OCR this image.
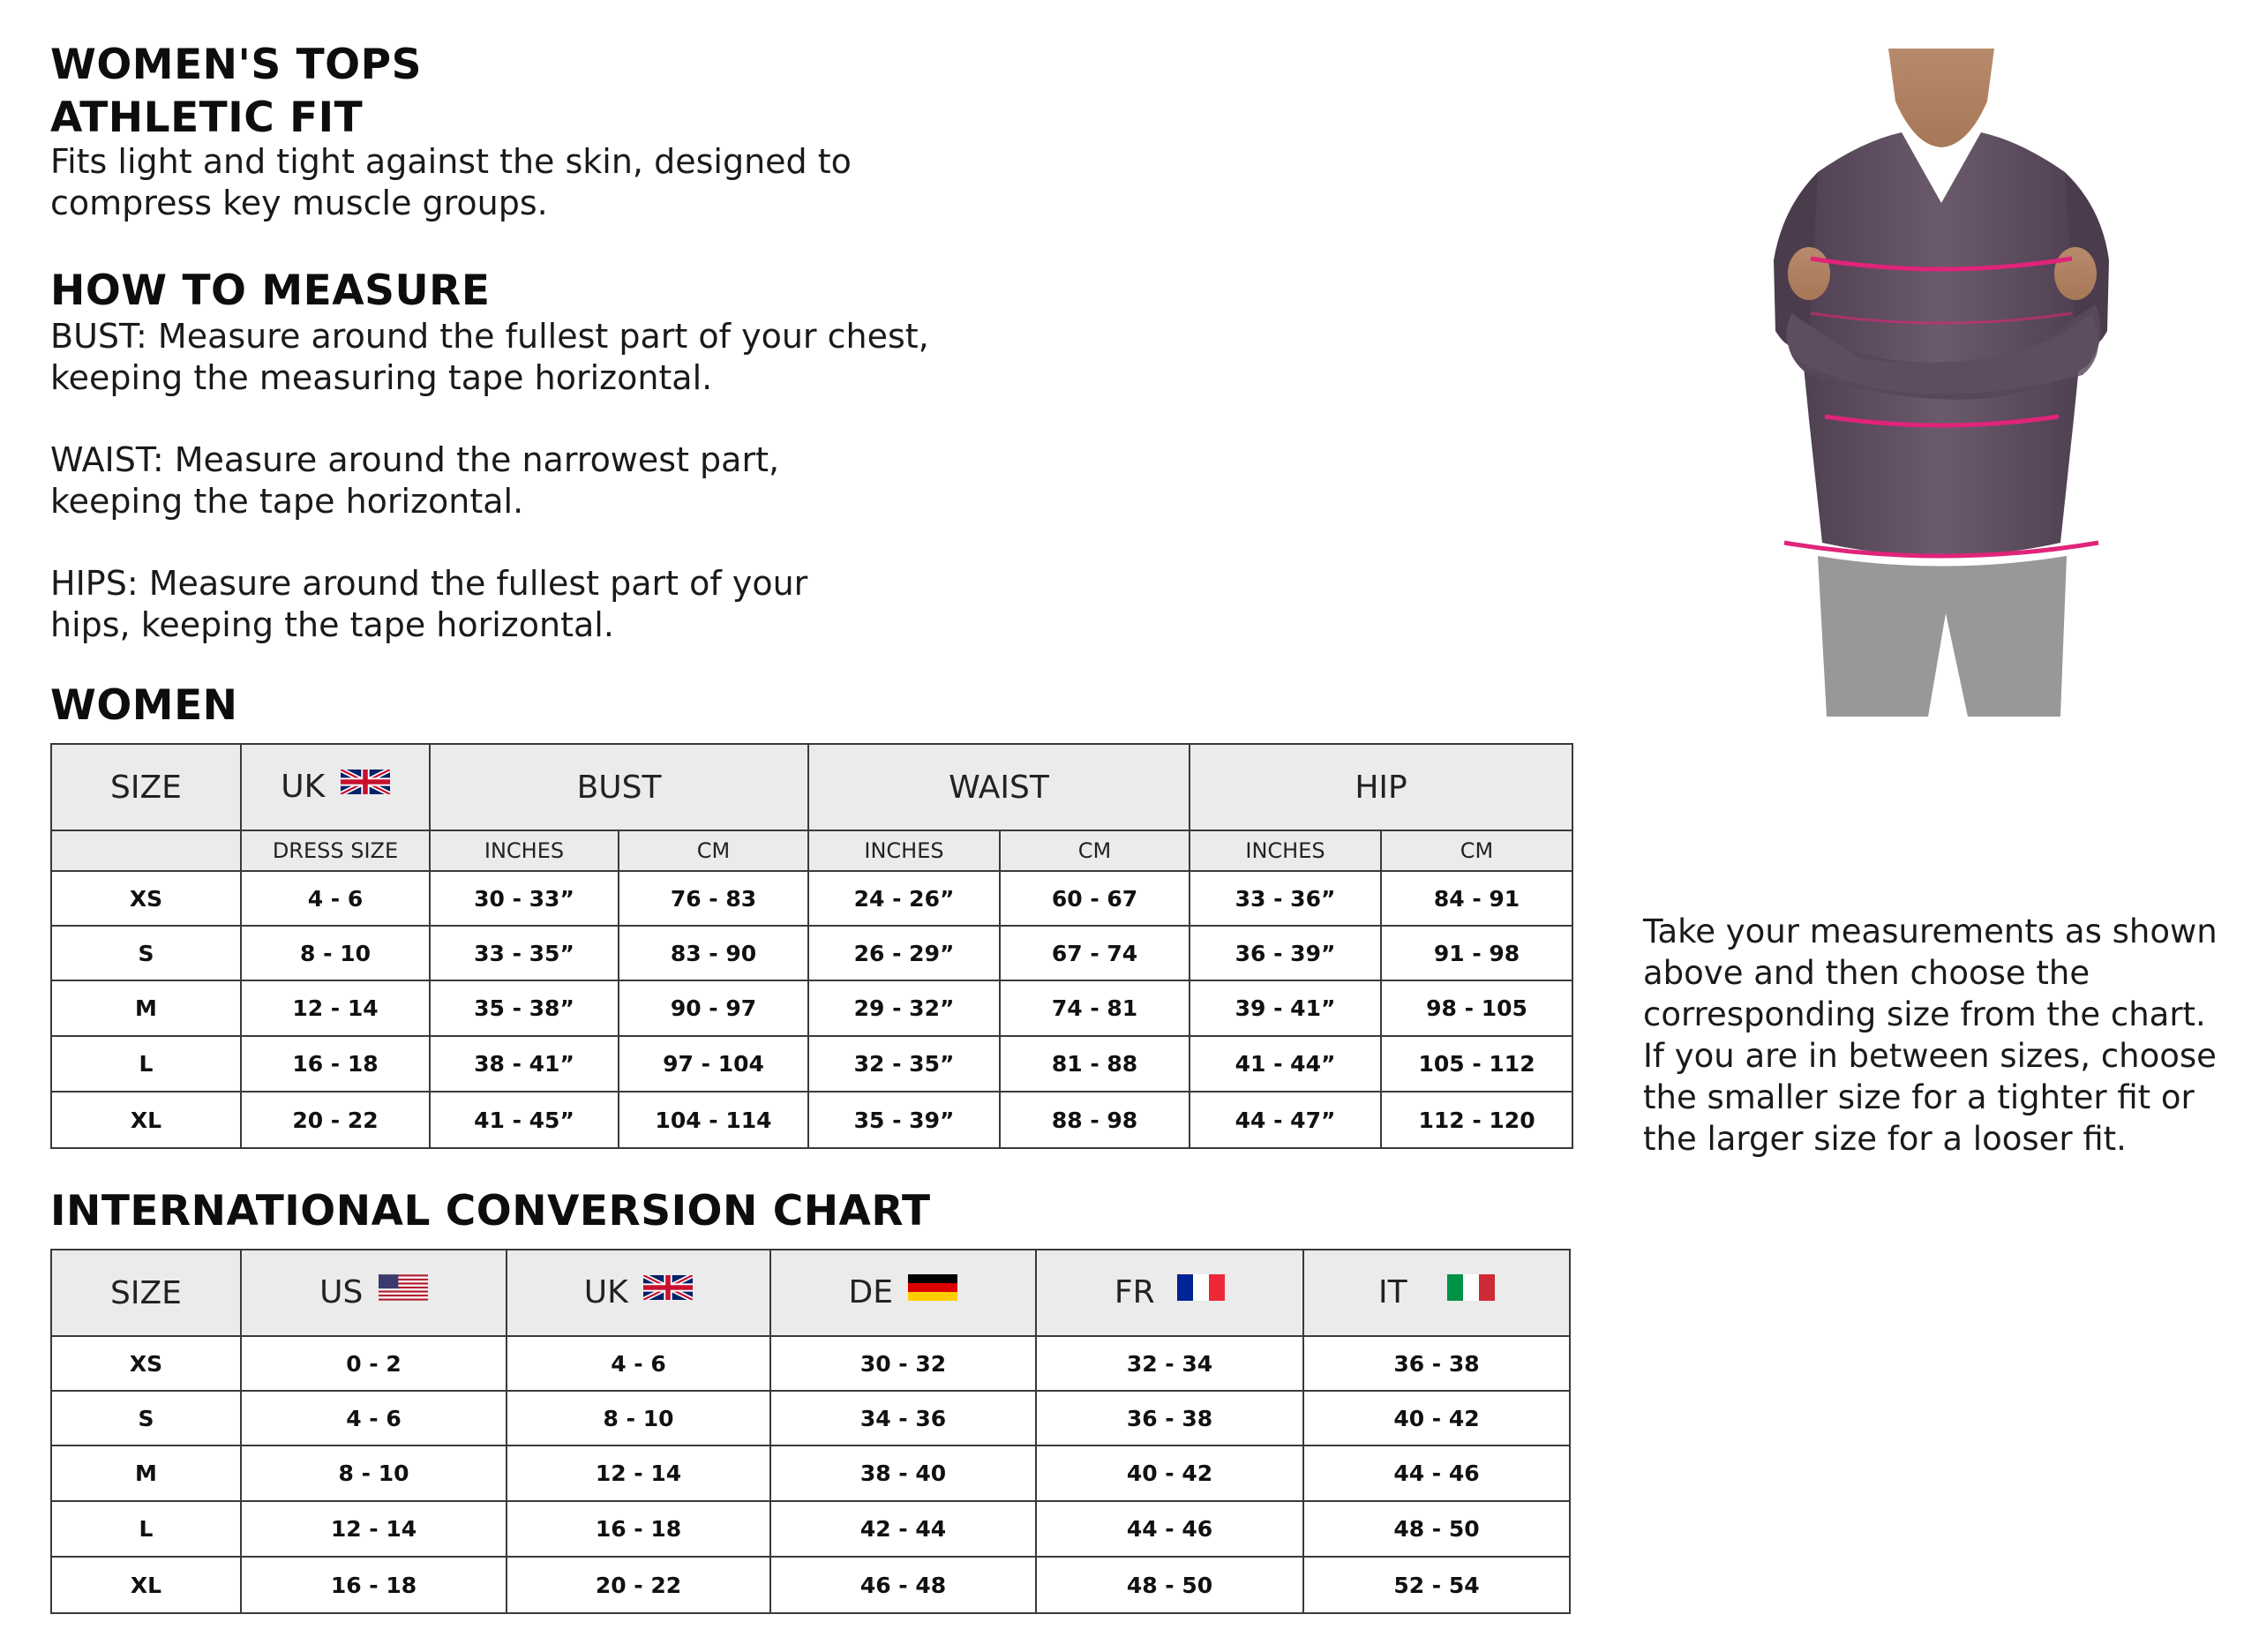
WOMEN'S TOPS
ATHLETIC FIT
Fits light and tight against the skin, designed to compress key muscle groups.
HOW TO MEASURE
BUST: Measure around the fullest part of your chest, keeping the measuring tape horizontal.
WAIST: Measure around the narrowest part, keeping the tape horizontal.
HIPS: Measure around the fullest part of your hips, keeping the tape horizontal.
WOMEN
SIZE	UK	BUST		WAIST		HIP	
	DRESS SIZE	INCHES	CM	INCHES	CM	INCHES	CM
XS	4 - 6	30 - 33”	76 - 83	24 - 26”	60 - 67	33 - 36”	84 - 91
S	8 - 10	33 - 35”	83 - 90	26 - 29”	67 - 74	36 - 39”	91 - 98
M	12 - 14	35 - 38”	90 - 97	29 - 32”	74 - 81	39 - 41”	98 - 105
L	16 - 18	38 - 41”	97 - 104	32 - 35”	81 - 88	41 - 44”	105 - 112
XL	20 - 22	41 - 45”	104 - 114	35 - 39”	88 - 98	44 - 47”	112 - 120
INTERNATIONAL CONVERSION CHART
SIZE	US	UK	DE	FR	IT
XS	0 - 2	4 - 6	30 - 32	32 - 34	36 - 38
S	4 - 6	8 - 10	34 - 36	36 - 38	40 - 42
M	8 - 10	12 - 14	38 - 40	40 - 42	44 - 46
L	12 - 14	16 - 18	42 - 44	44 - 46	48 - 50
XL	16 - 18	20 - 22	46 - 48	48 - 50	52 - 54
Take your measurements as shown above and then choose the corresponding size from the chart. If you are in between sizes, choose the smaller size for a tighter fit or the larger size for a looser fit.
